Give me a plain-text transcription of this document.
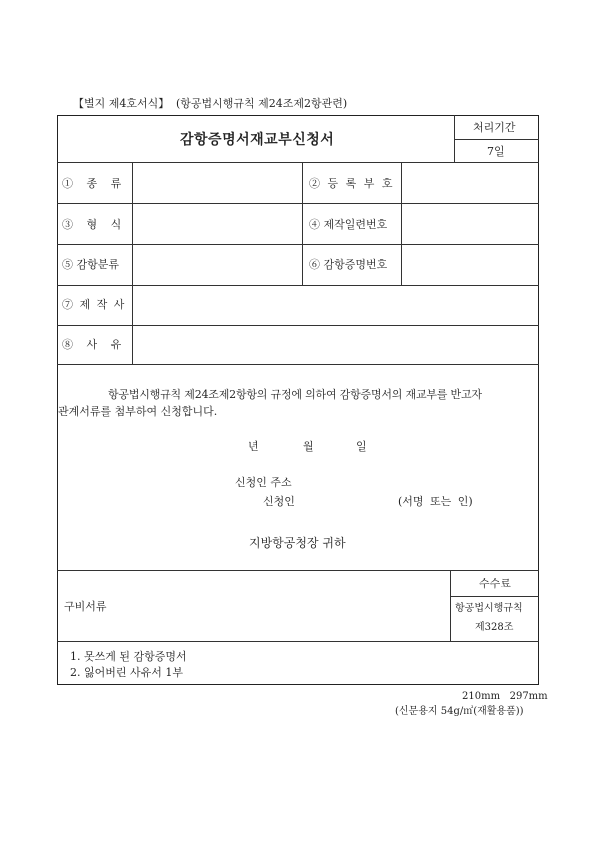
【별지 제4호서식】 (항공법시행규칙 제24조제2항관련)
감항증명서재교부신청서
처리기간
7일
① 종 류	② 등 록 부 호
③ 형 식	④ 제작일련번호
⑤ 감항분류	⑥ 감항증명번호
⑦ 제 작 사
⑧ 사 유
항공법시행규칙 제24조제2항항의 규정에 의하여 감항증명서의 재교부를 반고자
관계서류를 첨부하여 신청합니다.
년	월	일
신청인 주소
신청인	(서명 또는 인)
지방항공청장 귀하
구비서류
수수료
항공법시행규칙
제328조
1. 못쓰게 된 감항증명서
2. 잃어버린 사유서 1부
210mm   297mm
(신문용지 54g/㎡(재활용품))
